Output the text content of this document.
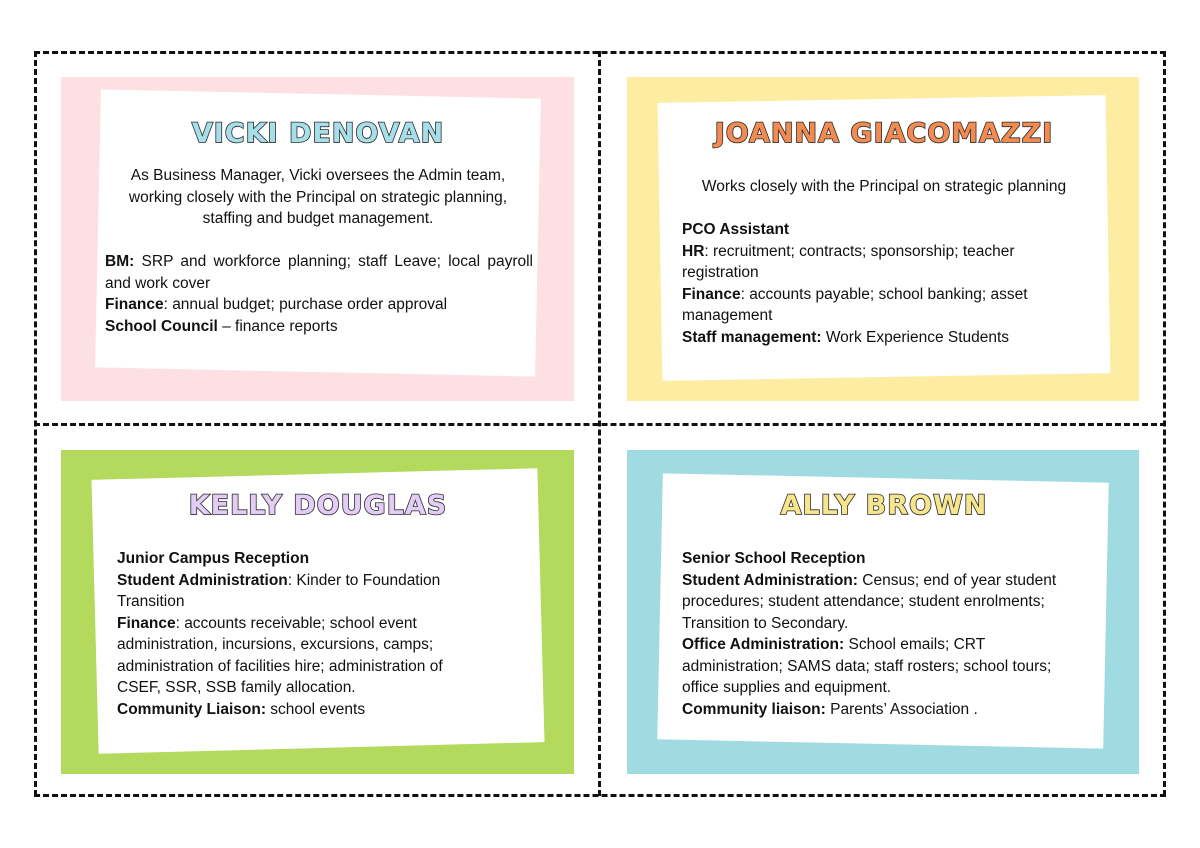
VICKI DENOVAN
As Business Manager, Vicki oversees the Admin team, working closely with the Principal on strategic planning, staffing and budget management.

BM: SRP and workforce planning; staff Leave; local payroll and work cover

Finance: annual budget; purchase order approval

School Council – finance reports

JOANNA GIACOMAZZI
Works closely with the Principal on strategic planning

PCO Assistant

HR: recruitment; contracts; sponsorship; teacher registration

Finance: accounts payable; school banking; asset management

Staff management: Work Experience Students

KELLY DOUGLAS

Junior Campus Reception

Student Administration: Kinder to Foundation Transition

Finance: accounts receivable; school event administration, incursions, excursions, camps; administration of facilities hire; administration of CSEF, SSR, SSB family allocation.

Community Liaison: school events

ALLY BROWN

Senior School Reception

Student Administration: Census; end of year student procedures; student attendance; student enrolments; Transition to Secondary.

Office Administration: School emails; CRT administration; SAMS data; staff rosters; school tours; office supplies and equipment.

Community liaison: Parents’ Association .
